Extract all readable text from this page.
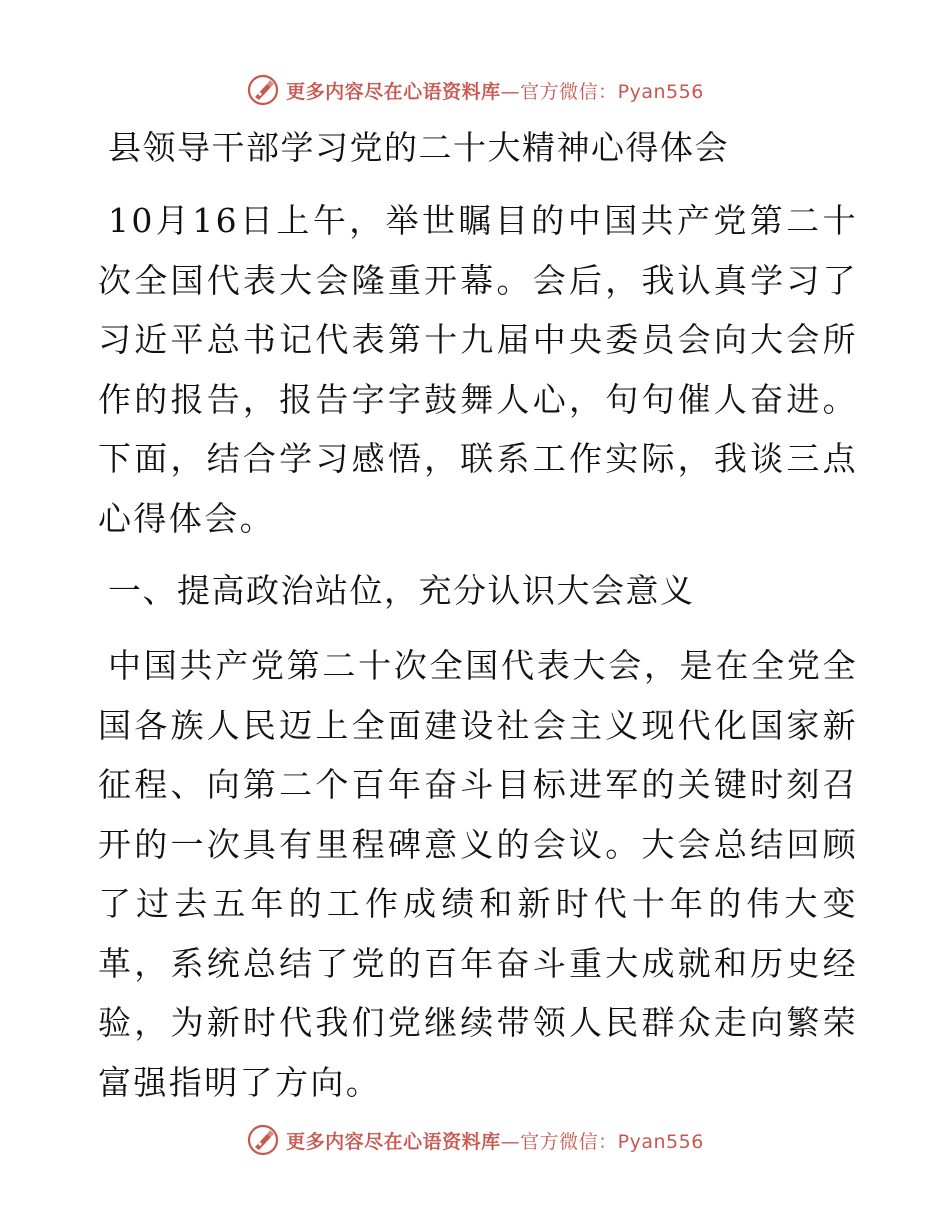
更多内容尽在心语资料库—官方微信：Pyan556
县领导干部学习党的二十大精神心得体会

10月16日上午，举世瞩目的中国共产党第二十次全国代表大会隆重开幕。会后，我认真学习了习近平总书记代表第十九届中央委员会向大会所作的报告，报告字字鼓舞人心，句句催人奋进。下面，结合学习感悟，联系工作实际，我谈三点心得体会。

一、提高政治站位，充分认识大会意义

中国共产党第二十次全国代表大会，是在全党全国各族人民迈上全面建设社会主义现代化国家新征程、向第二个百年奋斗目标进军的关键时刻召开的一次具有里程碑意义的会议。大会总结回顾了过去五年的工作成绩和新时代十年的伟大变革，系统总结了党的百年奋斗重大成就和历史经验，为新时代我们党继续带领人民群众走向繁荣富强指明了方向。

更多内容尽在心语资料库—官方微信：Pyan556
